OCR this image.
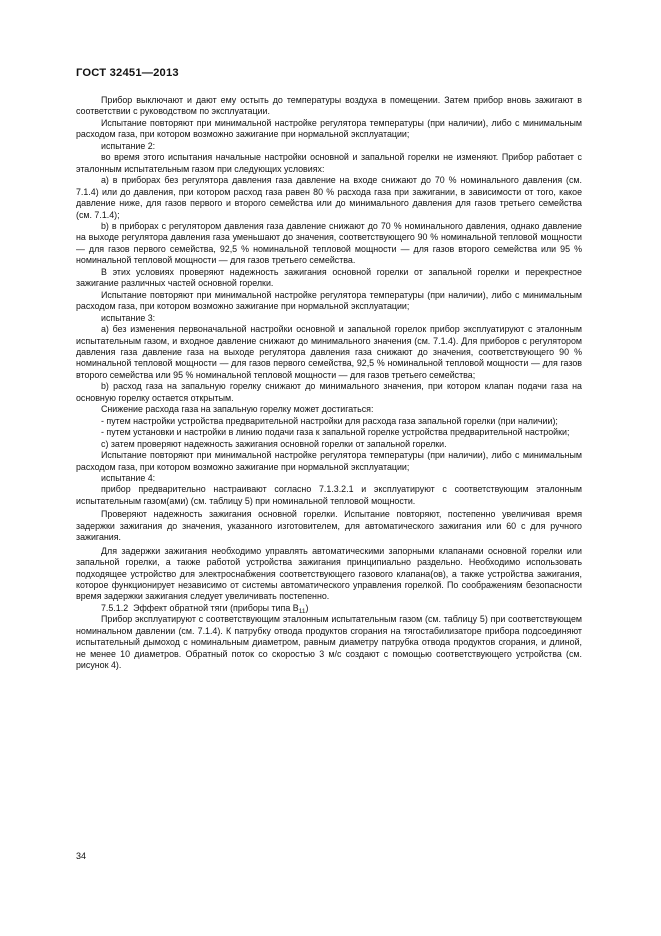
ГОСТ 32451—2013

Прибор выключают и дают ему остыть до температуры воздуха в помещении. Затем прибор вновь зажигают в соответствии с руководством по эксплуатации.

Испытание повторяют при минимальной настройке регулятора температуры (при наличии), либо с минимальным расходом газа, при котором возможно зажигание при нормальной эксплуатации;

испытание 2:

во время этого испытания начальные настройки основной и запальной горелки не изменяют. Прибор работает с эталонным испытательным газом при следующих условиях:

а) в приборах без регулятора давления газа давление на входе снижают до 70 % номинального давления (см. 7.1.4) или до давления, при котором расход газа равен 80 % расхода газа при зажигании, в зависимости от того, какое давление ниже, для газов первого и второго семейства или до минимального давления для газов третьего семейства (см. 7.1.4);

b) в приборах с регулятором давления газа давление снижают до 70 % номинального давления, однако давление на выходе регулятора давления газа уменьшают до значения, соответствующего 90 % номинальной тепловой мощности — для газов первого семейства, 92,5 % номинальной тепловой мощности — для газов второго семейства или 95 % номинальной тепловой мощности — для газов третьего семейства.

В этих условиях проверяют надежность зажигания основной горелки от запальной горелки и перекрестное зажигание различных частей основной горелки.

Испытание повторяют при минимальной настройке регулятора температуры (при наличии), либо с минимальным расходом газа, при котором возможно зажигание при нормальной эксплуатации;

испытание 3:

а) без изменения первоначальной настройки основной и запальной горелок прибор эксплуатируют с эталонным испытательным газом, и входное давление снижают до минимального значения (см. 7.1.4). Для приборов с регулятором давления газа давление газа на выходе регулятора давления газа снижают до значения, соответствующего 90 % номинальной тепловой мощности — для газов первого семейства, 92,5 % номинальной тепловой мощности — для газов второго семейства или 95 % номинальной тепловой мощности — для газов третьего семейства;

b) расход газа на запальную горелку снижают до минимального значения, при котором клапан подачи газа на основную горелку остается открытым.

Снижение расхода газа на запальную горелку может достигаться:

- путем настройки устройства предварительной настройки для расхода газа запальной горелки (при наличии);

- путем установки и настройки в линию подачи газа к запальной горелке устройства предварительной настройки;

с) затем проверяют надежность зажигания основной горелки от запальной горелки.

Испытание повторяют при минимальной настройке регулятора температуры (при наличии), либо с минимальным расходом газа, при котором возможно зажигание при нормальной эксплуатации;

испытание 4:

прибор предварительно настраивают согласно 7.1.3.2.1 и эксплуатируют с соответствующим эталонным испытательным газом(ами) (см. таблицу 5) при номинальной тепловой мощности.

Проверяют надежность зажигания основной горелки. Испытание повторяют, постепенно увеличивая время задержки зажигания до значения, указанного изготовителем, для автоматического зажигания или 60 с для ручного зажигания.

Для задержки зажигания необходимо управлять автоматическими запорными клапанами основной горелки или запальной горелки, а также работой устройства зажигания принципиально раздельно. Необходимо использовать подходящее устройство для электроснабжения соответствующего газового клапана(ов), а также устройства зажигания, которое функционирует независимо от системы автоматического управления горелкой. По соображениям безопасности время задержки зажигания следует увеличивать постепенно.

7.5.1.2 Эффект обратной тяги (приборы типа $В_{11}$)

Прибор эксплуатируют с соответствующим эталонным испытательным газом (см. таблицу 5) при соответствующем номинальном давлении (см. 7.1.4). К патрубку отвода продуктов сгорания на тягостабилизаторе прибора подсоединяют испытательный дымоход с номинальным диаметром, равным диаметру патрубка отвода продуктов сгорания, и длиной, не менее 10 диаметров. Обратный поток со скоростью 3 м/с создают с помощью соответствующего устройства (см. рисунок 4).

34
